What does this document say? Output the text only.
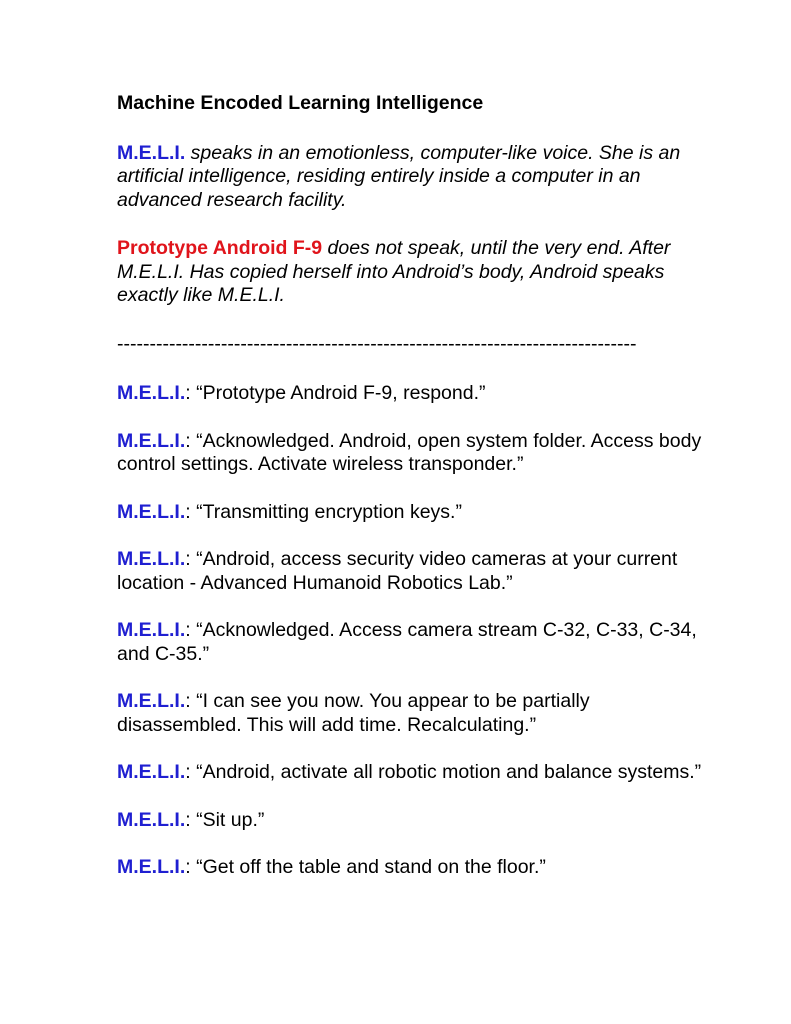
Machine Encoded Learning Intelligence
M.E.L.I. speaks in an emotionless, computer-like voice. She is an artificial intelligence, residing entirely inside a computer in an advanced research facility.
Prototype Android F-9 does not speak, until the very end. After M.E.L.I. Has copied herself into Android’s body, Android speaks exactly like M.E.L.I.
--------------------------------------------------------------------------------
M.E.L.I.: “Prototype Android F-9, respond.”
M.E.L.I.: “Acknowledged. Android, open system folder. Access body control settings. Activate wireless transponder.”
M.E.L.I.: “Transmitting encryption keys.”
M.E.L.I.: “Android, access security video cameras at your current location - Advanced Humanoid Robotics Lab.”
M.E.L.I.: “Acknowledged. Access camera stream C-32, C-33, C-34, and C-35.”
M.E.L.I.: “I can see you now. You appear to be partially disassembled. This will add time. Recalculating.”
M.E.L.I.: “Android, activate all robotic motion and balance systems.”
M.E.L.I.: “Sit up.”
M.E.L.I.: “Get off the table and stand on the floor.”
